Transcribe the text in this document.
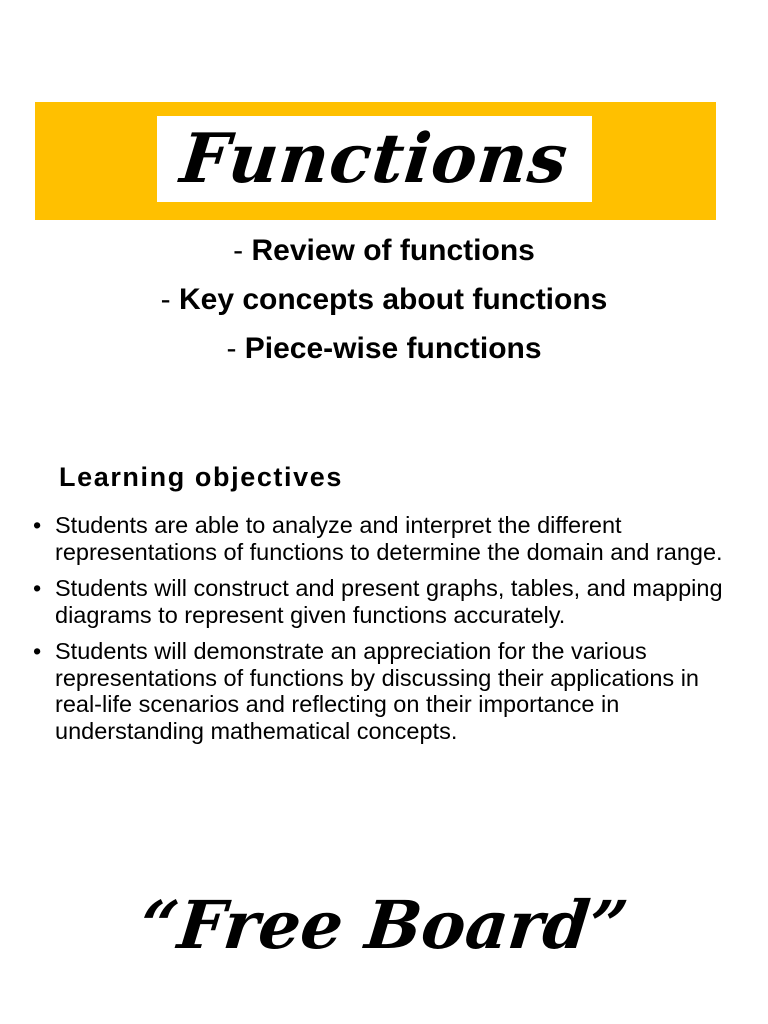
Functions
- Review of functions
- Key concepts about functions
- Piece-wise functions
Learning objectives
• Students are able to analyze and interpret the different representations of functions to determine the domain and range.
• Students will construct and present graphs, tables, and mapping diagrams to represent given functions accurately.
• Students will demonstrate an appreciation for the various representations of functions by discussing their applications in real-life scenarios and reflecting on their importance in understanding mathematical concepts.
“Free Board”
